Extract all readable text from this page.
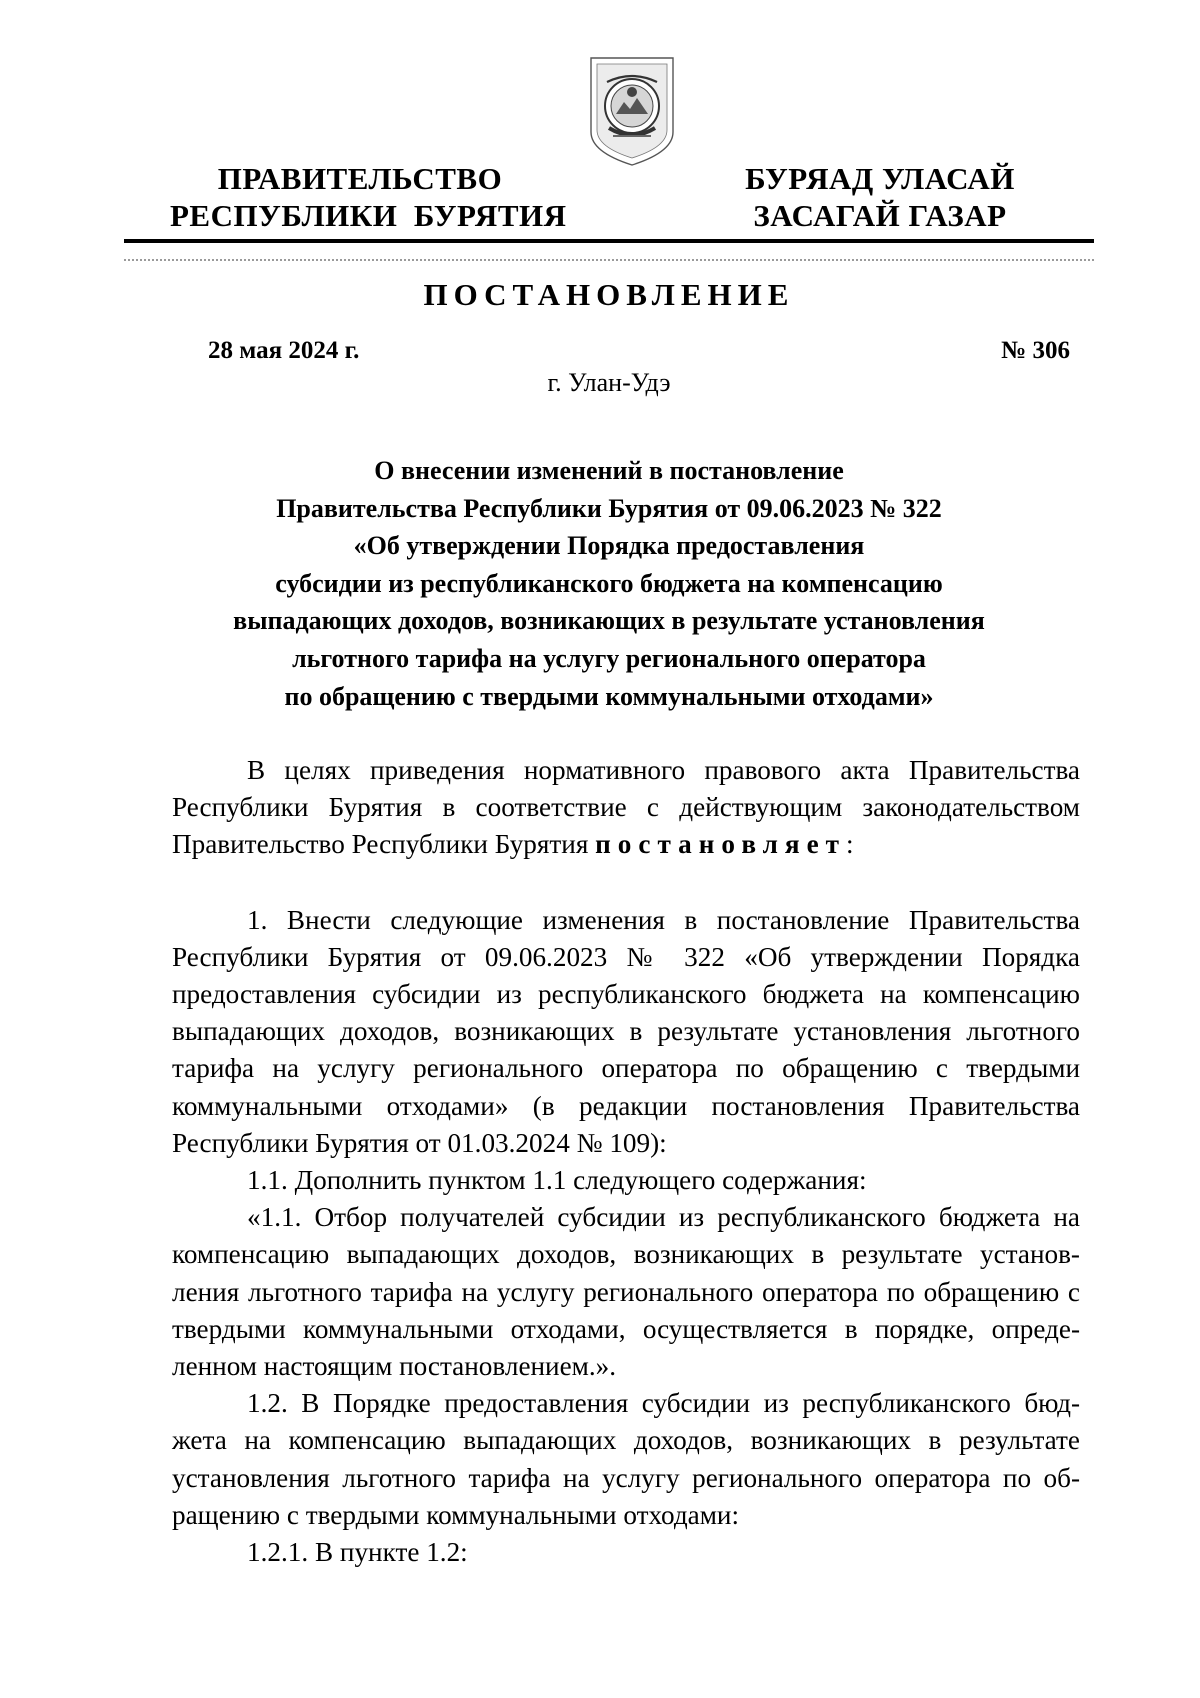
ПРАВИТЕЛЬСТВО
РЕСПУБЛИКИ  БУРЯТИЯ
БУРЯАД УЛАСАЙ
ЗАСАГАЙ ГАЗАР
ПОСТАНОВЛЕНИЕ
28 мая 2024 г.	№ 306
г. Улан-Удэ
О внесении изменений в постановление
Правительства Республики Бурятия от 09.06.2023 № 322
«Об утверждении Порядка предоставления
субсидии из республиканского бюджета на компенсацию
выпадающих доходов, возникающих в результате установления
льготного тарифа на услугу регионального оператора
по обращению с твердыми коммунальными отходами»

В целях приведения нормативного правового акта Правительства Республики Бурятия в соответствие с действующим законодательством Правительство Республики Бурятия постановляет:

1. Внести следующие изменения в постановление Правительства Республики Бурятия от 09.06.2023 № 322 «Об утверждении Порядка предоставления субсидии из республиканского бюджета на компенсацию выпадающих доходов, возникающих в результате установления льготного тарифа на услугу регионального оператора по обращению с твердыми коммунальными отходами» (в редакции постановления Правительства Республики Бурятия от 01.03.2024 № 109):

1.1. Дополнить пунктом 1.1 следующего содержания:

«1.1. Отбор получателей субсидии из республиканского бюджета на компенсацию выпадающих доходов, возникающих в результате установ-ления льготного тарифа на услугу регионального оператора по обращению с твердыми коммунальными отходами, осуществляется в порядке, опреде-ленном настоящим постановлением.».

1.2. В Порядке предоставления субсидии из республиканского бюд-жета на компенсацию выпадающих доходов, возникающих в результате установления льготного тарифа на услугу регионального оператора по об-ращению с твердыми коммунальными отходами:

1.2.1. В пункте 1.2:
